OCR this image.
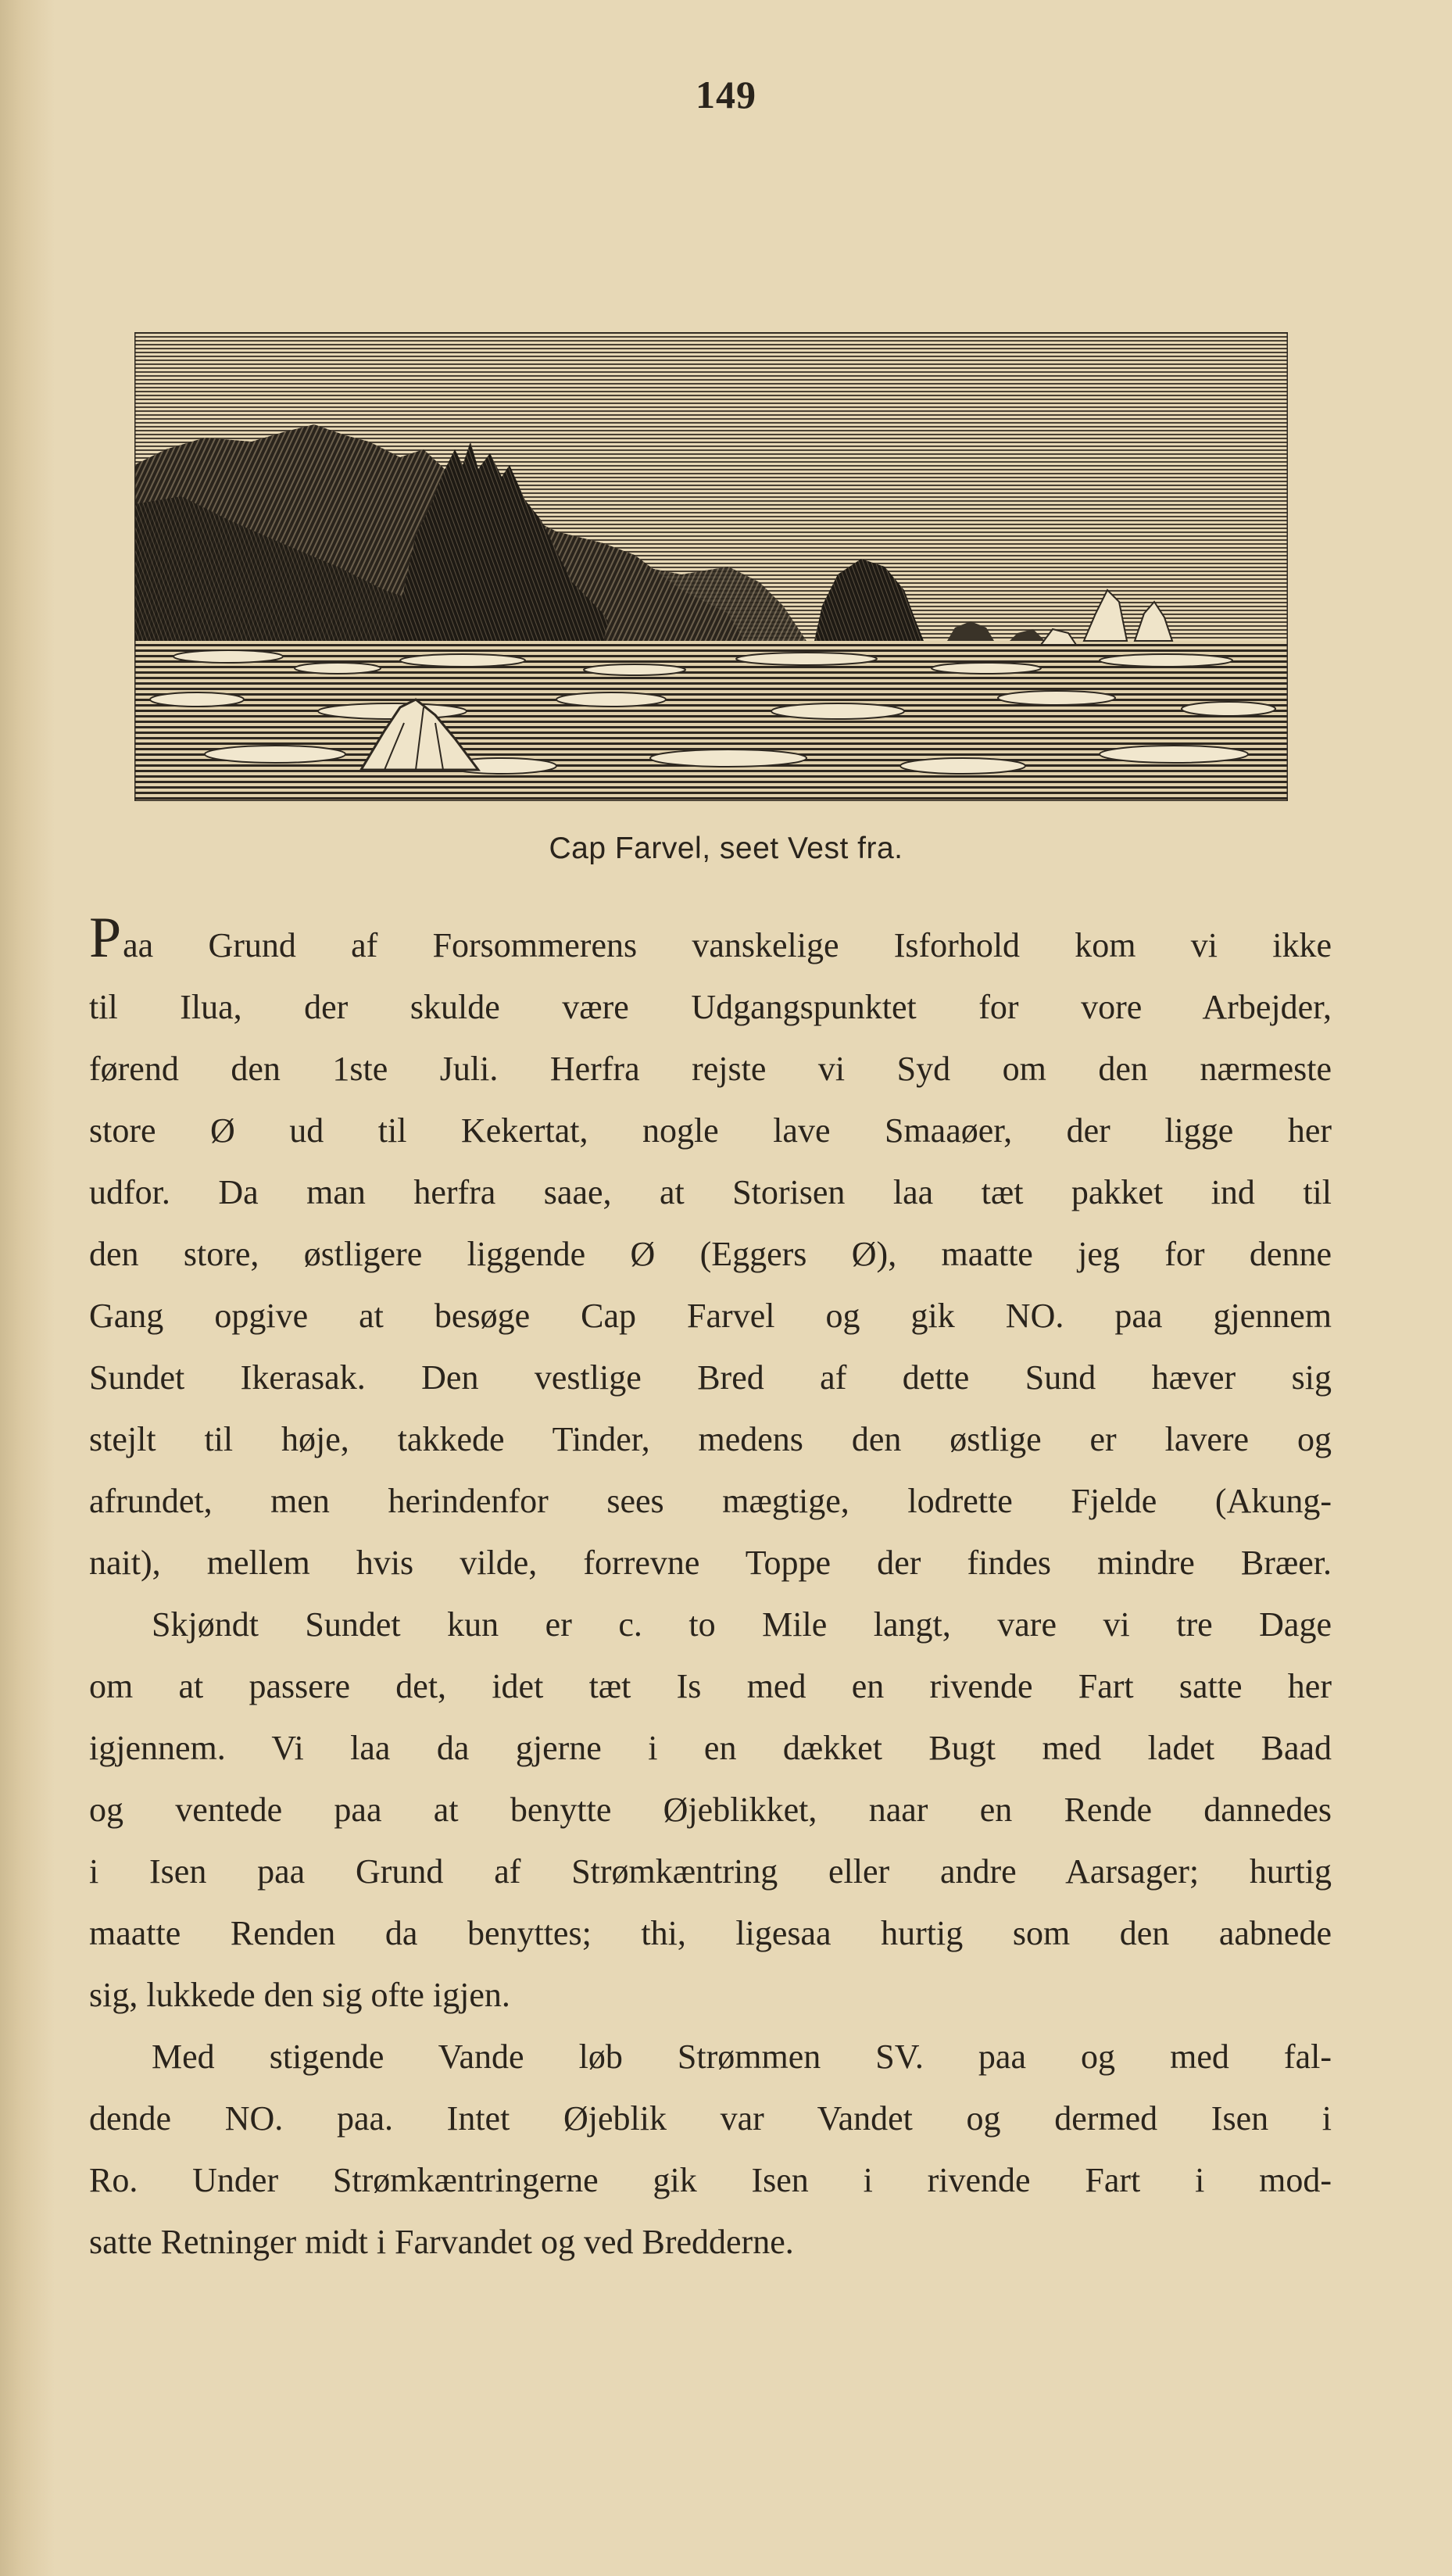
149
Cap Farvel, seet Vest fra.
Paa Grund af Forsommerens vanskelige Isforhold kom vi ikke
til Ilua, der skulde være Udgangspunktet for vore Arbejder,
førend den 1ste Juli. Herfra rejste vi Syd om den nærmeste
store Ø ud til Kekertat, nogle lave Smaaøer, der ligge her
udfor. Da man herfra saae, at Storisen laa tæt pakket ind til
den store, østligere liggende Ø (Eggers Ø), maatte jeg for denne
Gang opgive at besøge Cap Farvel og gik NO. paa gjennem
Sundet Ikerasak. Den vestlige Bred af dette Sund hæver sig
stejlt til høje, takkede Tinder, medens den østlige er lavere og
afrundet, men herindenfor sees mægtige, lodrette Fjelde (Akung-
nait), mellem hvis vilde, forrevne Toppe der findes mindre Bræer.
Skjøndt Sundet kun er c. to Mile langt, vare vi tre Dage
om at passere det, idet tæt Is med en rivende Fart satte her
igjennem. Vi laa da gjerne i en dækket Bugt med ladet Baad
og ventede paa at benytte Øjeblikket, naar en Rende dannedes
i Isen paa Grund af Strømkæntring eller andre Aarsager; hurtig
maatte Renden da benyttes; thi, ligesaa hurtig som den aabnede
sig, lukkede den sig ofte igjen.
Med stigende Vande løb Strømmen SV. paa og med fal-
dende NO. paa. Intet Øjeblik var Vandet og dermed Isen i
Ro. Under Strømkæntringerne gik Isen i rivende Fart i mod-
satte Retninger midt i Farvandet og ved Bredderne.
